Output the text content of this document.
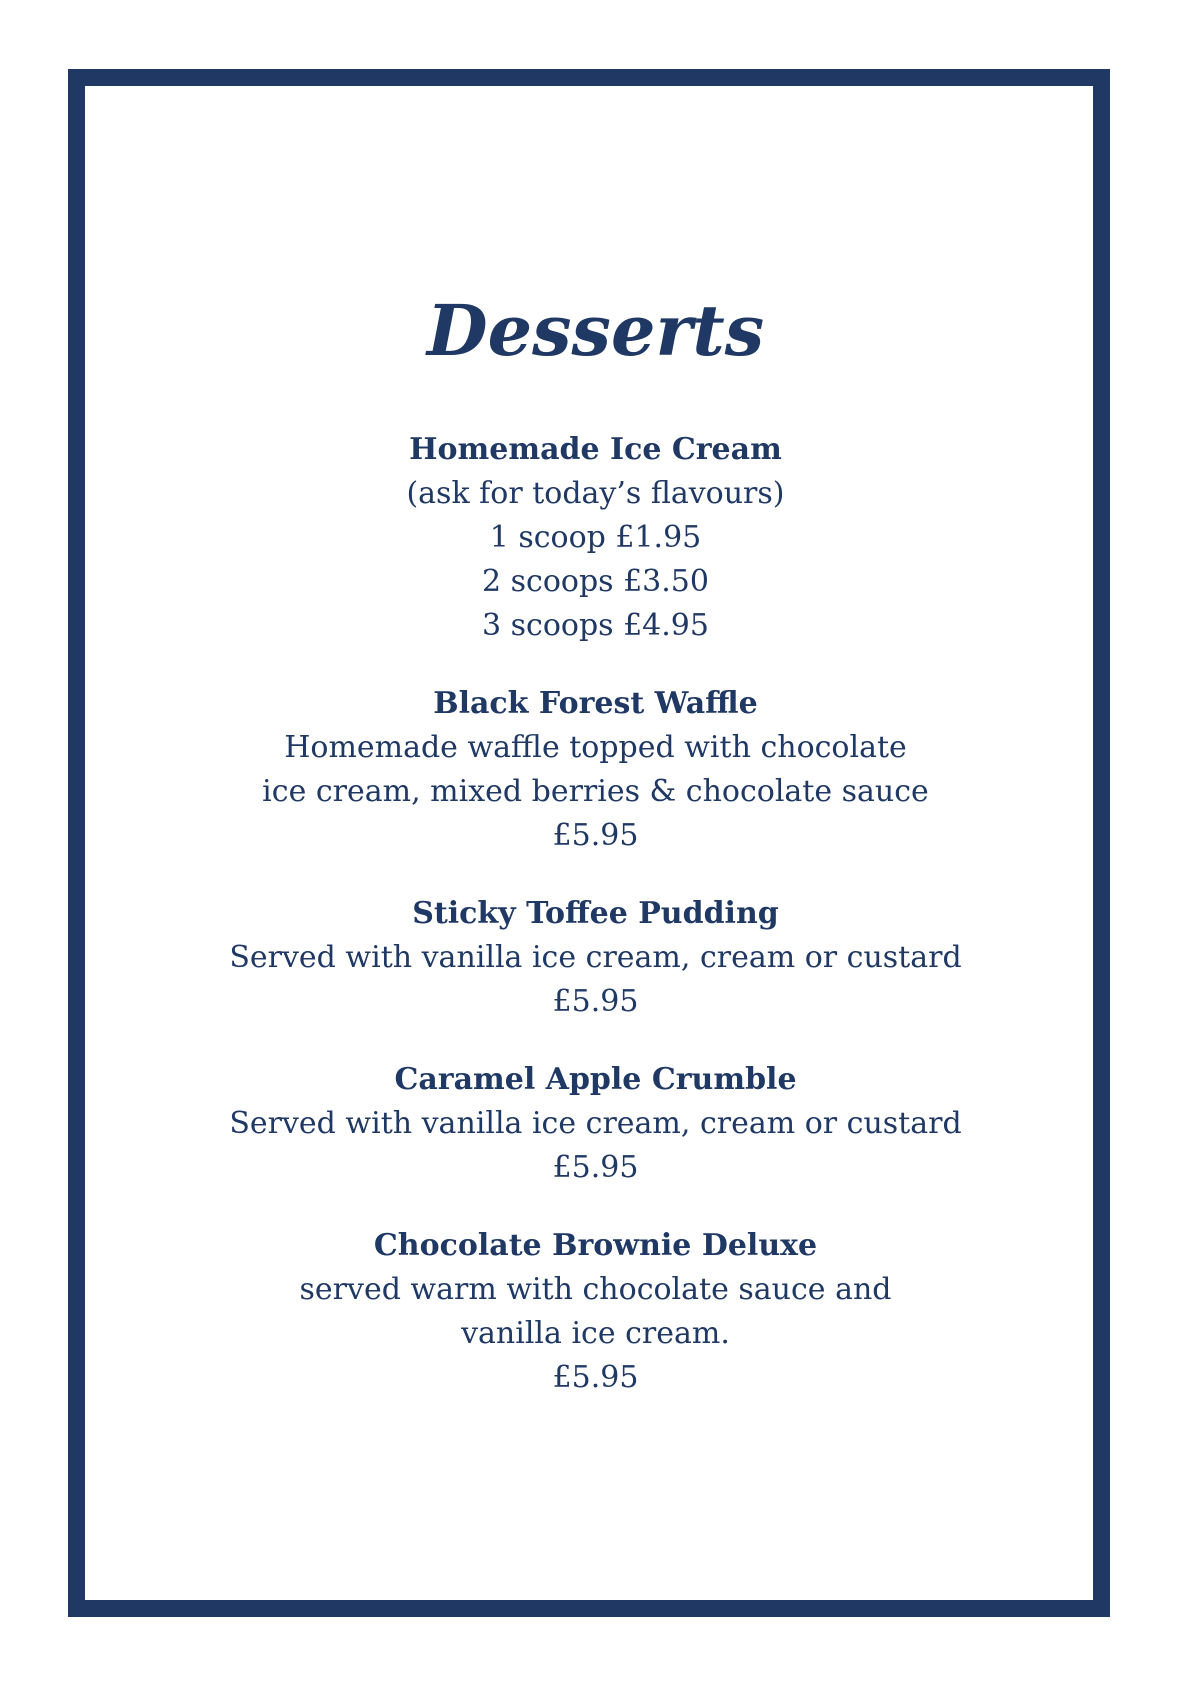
Desserts

Homemade Ice Cream

(ask for today’s flavours)

1 scoop £1.95

2 scoops £3.50

3 scoops £4.95

Black Forest Waffle

Homemade waffle topped with chocolate

ice cream, mixed berries & chocolate sauce

£5.95

Sticky Toffee Pudding

Served with vanilla ice cream, cream or custard

£5.95

Caramel Apple Crumble

Served with vanilla ice cream, cream or custard

£5.95

Chocolate Brownie Deluxe

served warm with chocolate sauce and

vanilla ice cream.

£5.95
